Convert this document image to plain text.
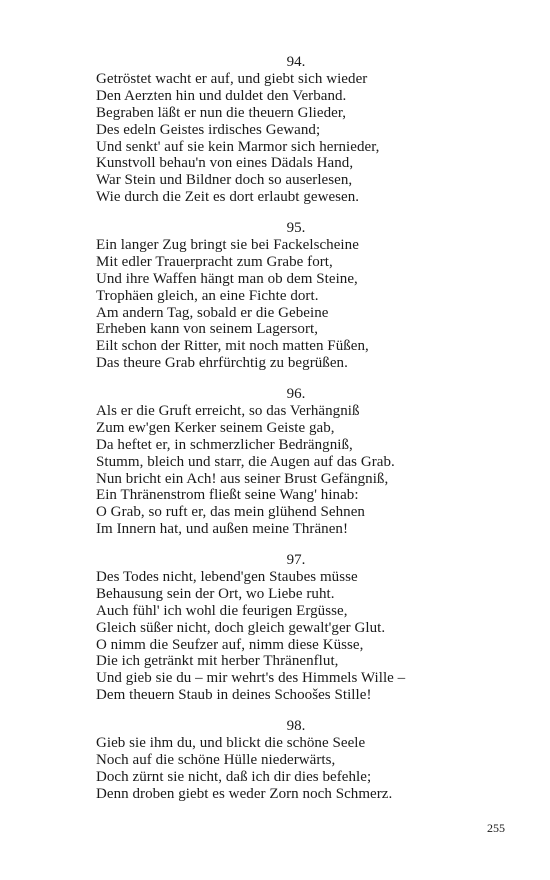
94.
Getröstet wacht er auf, und giebt sich wieder
Den Aerzten hin und duldet den Verband.
Begraben läßt er nun die theuern Glieder,
Des edeln Geistes irdisches Gewand;
Und senkt' auf sie kein Marmor sich hernieder,
Kunstvoll behau'n von eines Dädals Hand,
War Stein und Bildner doch so auserlesen,
Wie durch die Zeit es dort erlaubt gewesen.
95.
Ein langer Zug bringt sie bei Fackelscheine
Mit edler Trauerpracht zum Grabe fort,
Und ihre Waffen hängt man ob dem Steine,
Trophäen gleich, an eine Fichte dort.
Am andern Tag, sobald er die Gebeine
Erheben kann von seinem Lagersort,
Eilt schon der Ritter, mit noch matten Füßen,
Das theure Grab ehrfürchtig zu begrüßen.
96.
Als er die Gruft erreicht, so das Verhängniß
Zum ew'gen Kerker seinem Geiste gab,
Da heftet er, in schmerzlicher Bedrängniß,
Stumm, bleich und starr, die Augen auf das Grab.
Nun bricht ein Ach! aus seiner Brust Gefängniß,
Ein Thränenstrom fließt seine Wang' hinab:
O Grab, so ruft er, das mein glühend Sehnen
Im Innern hat, und außen meine Thränen!
97.
Des Todes nicht, lebend'gen Staubes müsse
Behausung sein der Ort, wo Liebe ruht.
Auch fühl' ich wohl die feurigen Ergüsse,
Gleich süßer nicht, doch gleich gewalt'ger Glut.
O nimm die Seufzer auf, nimm diese Küsse,
Die ich getränkt mit herber Thränenflut,
Und gieb sie du – mir wehrt's des Himmels Wille –
Dem theuern Staub in deines Schoošes Stille!
98.
Gieb sie ihm du, und blickt die schöne Seele
Noch auf die schöne Hülle niederwärts,
Doch zürnt sie nicht, daß ich dir dies befehle;
Denn droben giebt es weder Zorn noch Schmerz.
255
